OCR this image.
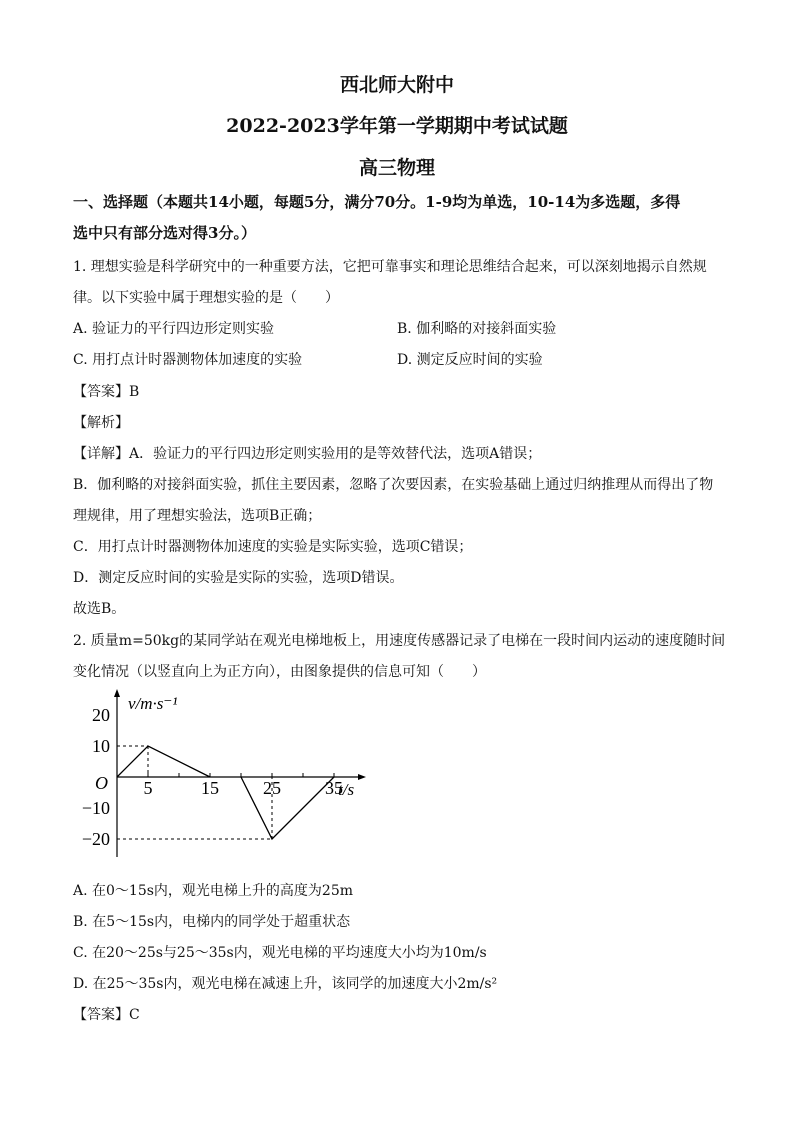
西北师大附中
2022-2023学年第一学期期中考试试题
高三物理
一、选择题（本题共14小题，每题5分，满分70分。1-9均为单选，10-14为多选题，多得
选中只有部分选对得3分。）
1. 理想实验是科学研究中的一种重要方法，它把可靠事实和理论思维结合起来，可以深刻地揭示自然规
律。以下实验中属于理想实验的是（　　）
A. 验证力的平行四边形定则实验	B. 伽利略的对接斜面实验
C. 用打点计时器测物体加速度的实验	D. 测定反应时间的实验
【答案】B
【解析】
【详解】A．验证力的平行四边形定则实验用的是等效替代法，选项A错误；
B．伽利略的对接斜面实验，抓住主要因素，忽略了次要因素，在实验基础上通过归纳推理从而得出了物
理规律，用了理想实验法，选项B正确；
C．用打点计时器测物体加速度的实验是实际实验，选项C错误；
D．测定反应时间的实验是实际的实验，选项D错误。
故选B。
2. 质量m=50kg的某同学站在观光电梯地板上，用速度传感器记录了电梯在一段时间内运动的速度随时间
变化情况（以竖直向上为正方向），由图象提供的信息可知（　　）
v/m·s⁻¹
t/s
O
20
10
−10
−20
5	15 25 35
A. 在0～15s内，观光电梯上升的高度为25m
B. 在5～15s内，电梯内的同学处于超重状态
C. 在20～25s与25～35s内，观光电梯的平均速度大小均为10m/s
D. 在25～35s内，观光电梯在减速上升，该同学的加速度大小2m/s²
【答案】C
